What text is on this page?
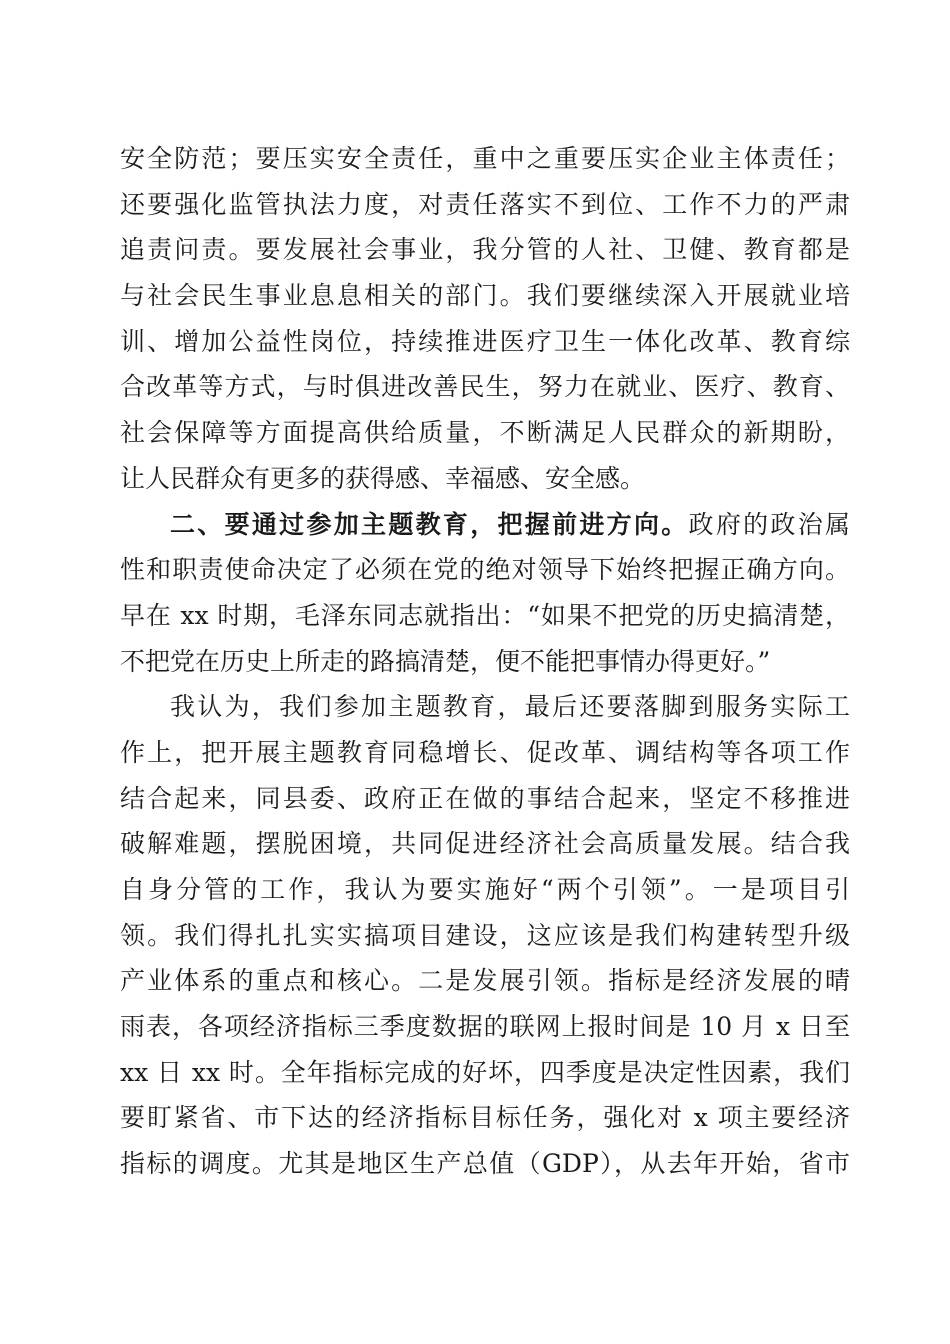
安全防范；要压实安全责任，重中之重要压实企业主体责任；
还要强化监管执法力度，对责任落实不到位、工作不力的严肃
追责问责。要发展社会事业，我分管的人社、卫健、教育都是
与社会民生事业息息相关的部门。我们要继续深入开展就业培
训、增加公益性岗位，持续推进医疗卫生一体化改革、教育综
合改革等方式，与时俱进改善民生，努力在就业、医疗、教育、
社会保障等方面提高供给质量，不断满足人民群众的新期盼，
让人民群众有更多的获得感、幸福感、安全感。
二、要通过参加主题教育，把握前进方向。政府的政治属
性和职责使命决定了必须在党的绝对领导下始终把握正确方向。
早在 xx 时期，毛泽东同志就指出：“如果不把党的历史搞清楚，
不把党在历史上所走的路搞清楚，便不能把事情办得更好。”
我认为，我们参加主题教育，最后还要落脚到服务实际工
作上，把开展主题教育同稳增长、促改革、调结构等各项工作
结合起来，同县委、政府正在做的事结合起来，坚定不移推进
破解难题，摆脱困境，共同促进经济社会高质量发展。结合我
自身分管的工作，我认为要实施好“两个引领”。一是项目引
领。我们得扎扎实实搞项目建设，这应该是我们构建转型升级
产业体系的重点和核心。二是发展引领。指标是经济发展的晴
雨表，各项经济指标三季度数据的联网上报时间是 10 月 x 日至
xx 日 xx 时。全年指标完成的好坏，四季度是决定性因素，我们
要盯紧省、市下达的经济指标目标任务，强化对 x 项主要经济
指标的调度。尤其是地区生产总值（GDP），从去年开始，省市
